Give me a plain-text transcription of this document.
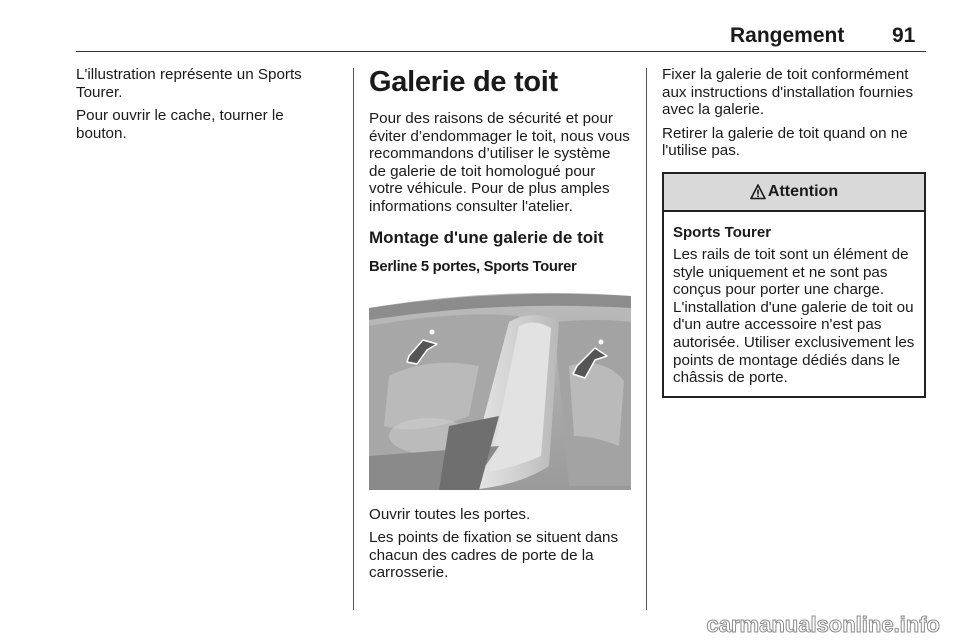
Rangement 91

L'illustration représente un Sports Tourer.

Pour ouvrir le cache, tourner le bouton.

Galerie de toit

Pour des raisons de sécurité et pour éviter d’endommager le toit, nous vous recommandons d’utiliser le système de galerie de toit homologué pour votre véhicule. Pour de plus amples informations consulter l'atelier.

Montage d'une galerie de toit
Berline 5 portes, Sports Tourer

Ouvrir toutes les portes.

Les points de fixation se situent dans chacun des cadres de porte de la carrosserie.

Fixer la galerie de toit conformément aux instructions d'installation fournies avec la galerie.

Retirer la galerie de toit quand on ne l'utilise pas.

Attention
Sports Tourer

Les rails de toit sont un élément de style uniquement et ne sont pas conçus pour porter une charge. L'installation d'une galerie de toit ou d'un autre accessoire n'est pas autorisée. Utiliser exclusivement les points de montage dédiés dans le châssis de porte.

carmanualsonline.info
